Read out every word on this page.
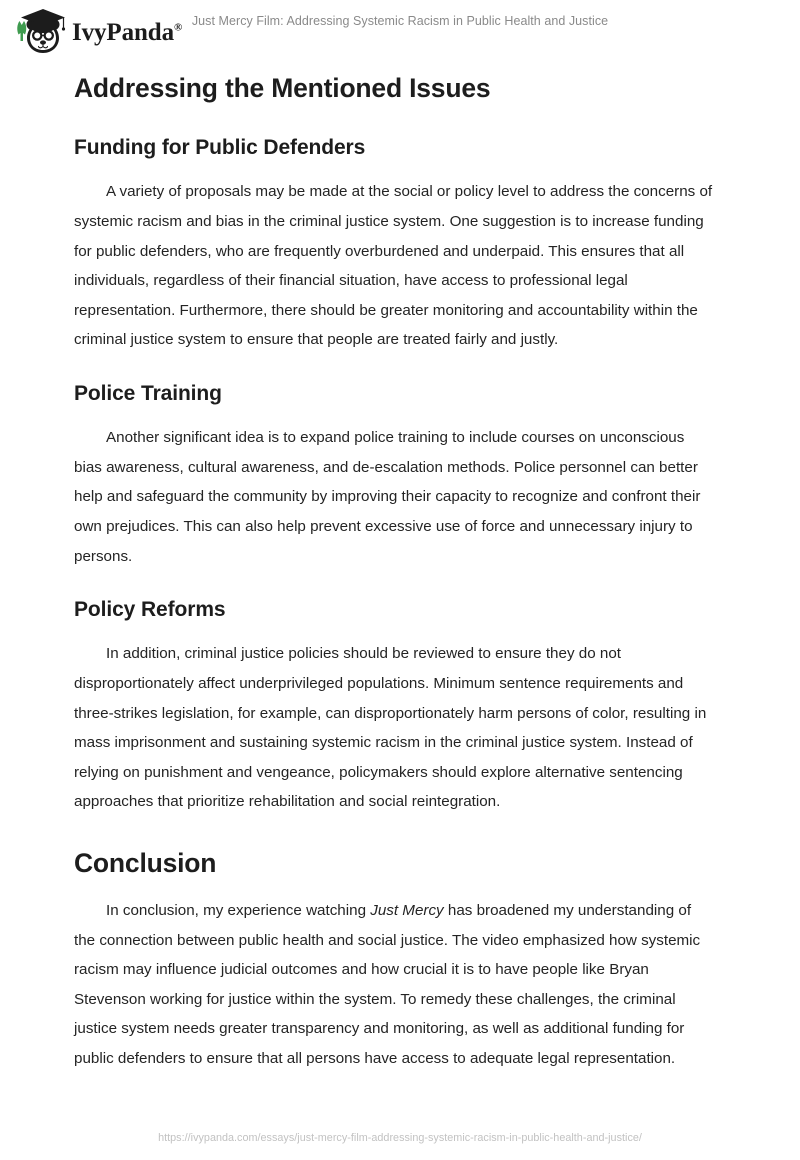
IvyPanda® Just Mercy Film: Addressing Systemic Racism in Public Health and Justice
Addressing the Mentioned Issues
Funding for Public Defenders

A variety of proposals may be made at the social or policy level to address the concerns of systemic racism and bias in the criminal justice system. One suggestion is to increase funding for public defenders, who are frequently overburdened and underpaid. This ensures that all individuals, regardless of their financial situation, have access to professional legal representation. Furthermore, there should be greater monitoring and accountability within the criminal justice system to ensure that people are treated fairly and justly.

Police Training

Another significant idea is to expand police training to include courses on unconscious bias awareness, cultural awareness, and de-escalation methods. Police personnel can better help and safeguard the community by improving their capacity to recognize and confront their own prejudices. This can also help prevent excessive use of force and unnecessary injury to persons.

Policy Reforms

In addition, criminal justice policies should be reviewed to ensure they do not disproportionately affect underprivileged populations. Minimum sentence requirements and three-strikes legislation, for example, can disproportionately harm persons of color, resulting in mass imprisonment and sustaining systemic racism in the criminal justice system. Instead of relying on punishment and vengeance, policymakers should explore alternative sentencing approaches that prioritize rehabilitation and social reintegration.

Conclusion

In conclusion, my experience watching Just Mercy has broadened my understanding of the connection between public health and social justice. The video emphasized how systemic racism may influence judicial outcomes and how crucial it is to have people like Bryan Stevenson working for justice within the system. To remedy these challenges, the criminal justice system needs greater transparency and monitoring, as well as additional funding for public defenders to ensure that all persons have access to adequate legal representation.

https://ivypanda.com/essays/just-mercy-film-addressing-systemic-racism-in-public-health-and-justice/
